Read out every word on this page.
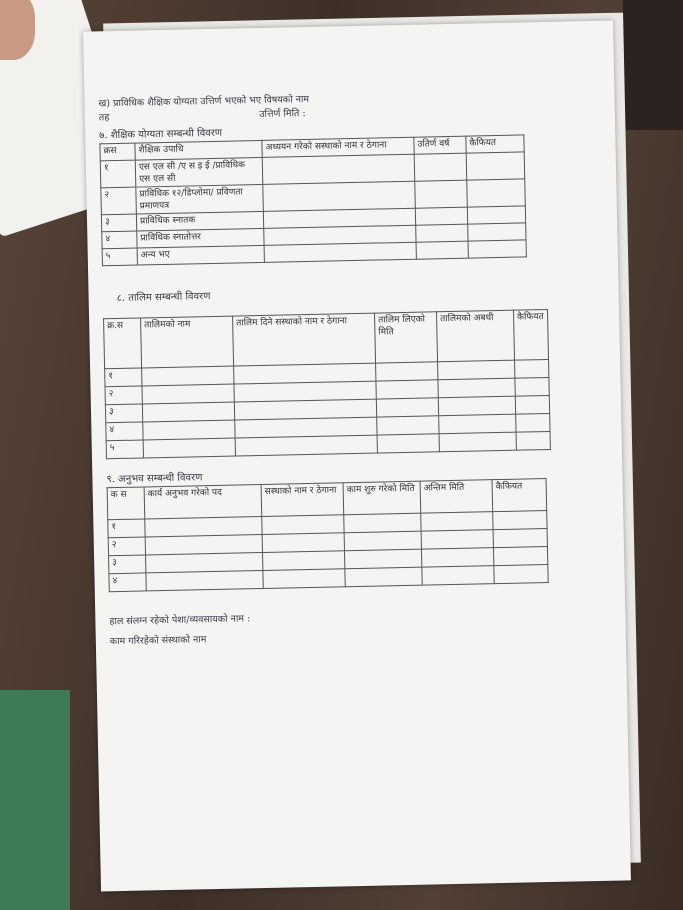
ख) प्राविधिक शैक्षिक योग्यता उत्तिर्ण भएको भए विषयको नाम
तह	उत्तिर्ण मिति :
७. शैक्षिक योग्यता सम्बन्धी विवरण
क्रस	शैक्षिक उपाधि	अध्ययन गरेको सस्थाको नाम र ठेगाना	उतिर्ण वर्ष	कैफियत
१	एस एल सी /ए स इ ई /प्राविधिक एस एल सी			
२	प्राविधिक १२/डिप्लोमा/ प्रविणता प्रमाणपत्र			
३	प्राविधिक स्नातक			
४	प्राविधिक स्नातोत्तर			
५	अन्य भए			
८. तालिम सम्बन्धी विवरण
क्र.स	तालिमको नाम	तालिम दिने सस्थाको नाम र ठेगाना	तालिम लिएको मिति	तालिमको अबधी	कैफियत
१					
२					
३					
४					
५					
९. अनुभव सम्बन्धी विवरण
क स	कार्य अनुभव गरेको पद	सस्थाको नाम र ठेगाना	काम शुरु गरेको मिति	अन्तिम मिति	कैफियत
१					
२					
३					
४					
हाल संलग्न रहेको पेशा/व्यवसायको नाम :
काम गरिरहेको संस्थाको नाम
